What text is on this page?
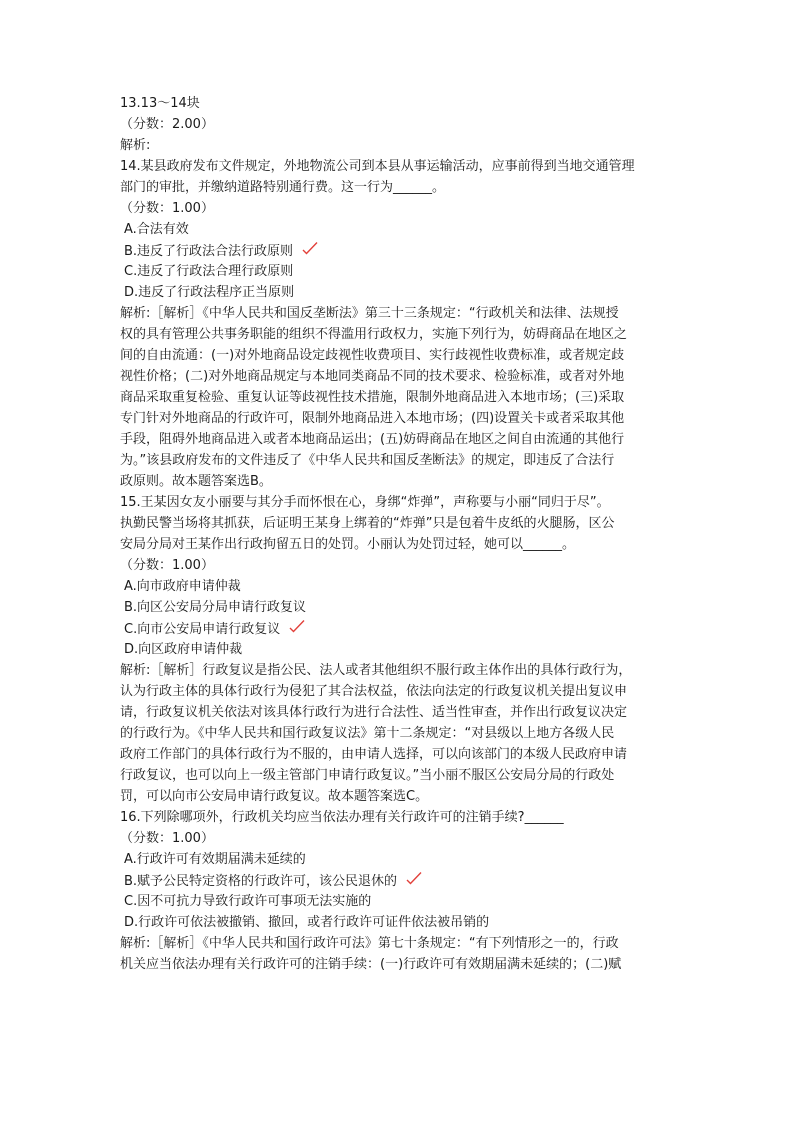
13.13～14块
（分数：2.00）
解析:
14.某县政府发布文件规定，外地物流公司到本县从事运输活动，应事前得到当地交通管理
部门的审批，并缴纳道路特别通行费。这一行为______。
（分数：1.00）
A.合法有效
B.违反了行政法合法行政原则
C.违反了行政法合理行政原则
D.违反了行政法程序正当原则
解析:［解析］《中华人民共和国反垄断法》第三十三条规定：“行政机关和法律、法规授
权的具有管理公共事务职能的组织不得滥用行政权力，实施下列行为，妨碍商品在地区之
间的自由流通：(一)对外地商品设定歧视性收费项目、实行歧视性收费标准，或者规定歧
视性价格；(二)对外地商品规定与本地同类商品不同的技术要求、检验标准，或者对外地
商品采取重复检验、重复认证等歧视性技术措施，限制外地商品进入本地市场；(三)采取
专门针对外地商品的行政许可，限制外地商品进入本地市场；(四)设置关卡或者采取其他
手段，阻碍外地商品进入或者本地商品运出；(五)妨碍商品在地区之间自由流通的其他行
为。”该县政府发布的文件违反了《中华人民共和国反垄断法》的规定，即违反了合法行
政原则。故本题答案选B。
15.王某因女友小丽要与其分手而怀恨在心，身绑“炸弹”，声称要与小丽“同归于尽”。
执勤民警当场将其抓获，后证明王某身上绑着的“炸弹”只是包着牛皮纸的火腿肠，区公
安局分局对王某作出行政拘留五日的处罚。小丽认为处罚过轻，她可以______。
（分数：1.00）
A.向市政府申请仲裁
B.向区公安局分局申请行政复议
C.向市公安局申请行政复议
D.向区政府申请仲裁
解析:［解析］行政复议是指公民、法人或者其他组织不服行政主体作出的具体行政行为，
认为行政主体的具体行政行为侵犯了其合法权益，依法向法定的行政复议机关提出复议申
请，行政复议机关依法对该具体行政行为进行合法性、适当性审查，并作出行政复议决定
的行政行为。《中华人民共和国行政复议法》第十二条规定：“对县级以上地方各级人民
政府工作部门的具体行政行为不服的，由申请人选择，可以向该部门的本级人民政府申请
行政复议，也可以向上一级主管部门申请行政复议。”当小丽不服区公安局分局的行政处
罚，可以向市公安局申请行政复议。故本题答案选C。
16.下列除哪项外，行政机关均应当依法办理有关行政许可的注销手续?______
（分数：1.00）
A.行政许可有效期届满未延续的
B.赋予公民特定资格的行政许可，该公民退休的
C.因不可抗力导致行政许可事项无法实施的
D.行政许可依法被撤销、撤回，或者行政许可证件依法被吊销的
解析:［解析］《中华人民共和国行政许可法》第七十条规定：“有下列情形之一的，行政
机关应当依法办理有关行政许可的注销手续：(一)行政许可有效期届满未延续的；(二)赋
